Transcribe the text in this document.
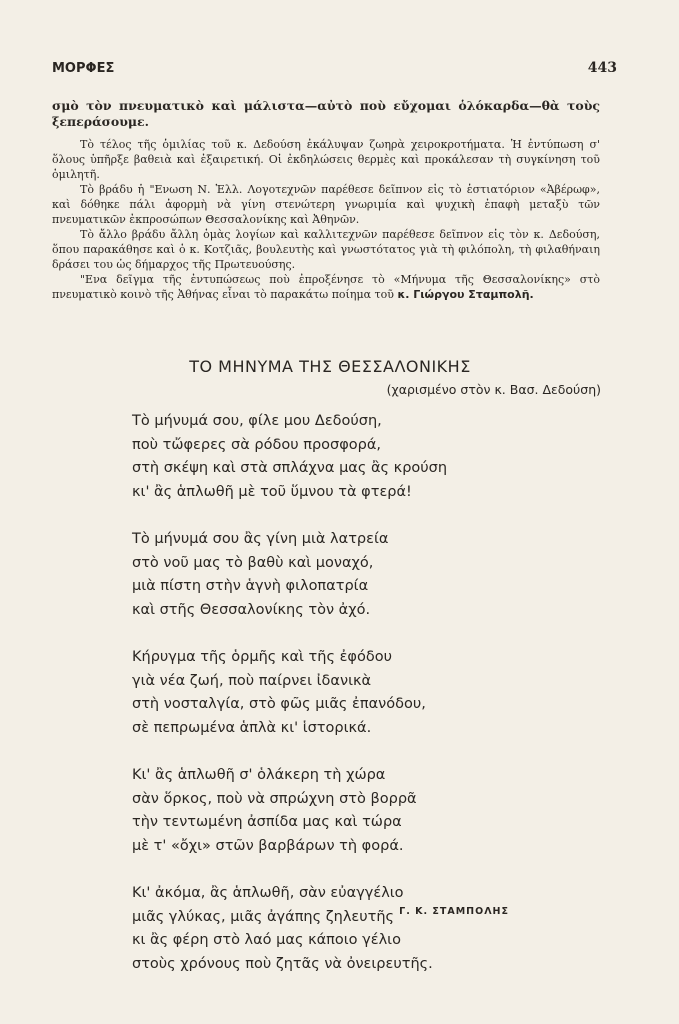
ΜΟΡΦΕΣ	443

σμὸ τὸν πνευματικὸ καὶ μάλιστα—αὐτὸ ποὺ εὔχομαι ὁλόκαρδα—θὰ τοὺς ξεπεράσουμε.

Τὸ τέλος τῆς ὁμιλίας τοῦ κ. Δεδούση ἐκάλυψαν ζωηρὰ χειροκροτήματα. Ἡ ἐντύπωση σ' ὅλους ὑπῆρξε βαθειὰ καὶ ἐξαιρετική. Οἱ ἐκδηλώσεις θερμὲς καὶ προκάλεσαν τὴ συγκίνηση τοῦ ὁμιλητῆ.

Τὸ βράδυ ἡ "Ενωση Ν. Ἑλλ. Λογοτεχνῶν παρέθεσε δεῖπνον εἰς τὸ ἑστιατόριον «Ἀβέρωφ», καὶ δόθηκε πάλι ἀφορμὴ νὰ γίνη στενώτερη γνωριμία καὶ ψυχικὴ ἐπαφὴ μεταξὺ τῶν πνευματικῶν ἐκπροσώπων Θεσσαλονίκης καὶ Ἀθηνῶν.

Τὸ ἄλλο βράδυ ἄλλη ὁμὰς λογίων καὶ καλλιτεχνῶν παρέθεσε δεῖπνον εἰς τὸν κ. Δεδούση, ὅπου παρακάθησε καὶ ὁ κ. Κοτζιᾶς, βουλευτὴς καὶ γνωστότατος γιὰ τὴ φιλόπολη, τὴ φιλαθήναιη δράσει του ὡς δήμαρχος τῆς Πρωτευούσης.

"Ενα δεῖγμα τῆς ἐντυπώσεως ποὺ ἐπροξένησε τὸ «Μήνυμα τῆς Θεσσαλονίκης» στὸ πνευματικὸ κοινὸ τῆς Ἀθήνας εἶναι τὸ παρακάτω ποίημα τοῦ κ. Γιώργου Σταμπολῆ.

ΤΟ ΜΗΝΥΜΑ ΤΗΣ ΘΕΣΣΑΛΟΝΙΚΗΣ
(χαρισμένο στὸν κ. Βασ. Δεδούση)
Τὸ μήνυμά σου, φίλε μου Δεδούση,
ποὺ τὤφερες σὰ ρόδου προσφορά,
στὴ σκέψη καὶ στὰ σπλάχνα μας ἂς κρούση
κι' ἂς ἁπλωθῆ μὲ τοῦ ὕμνου τὰ φτερά!
Τὸ μήνυμά σου ἂς γίνη μιὰ λατρεία
στὸ νοῦ μας τὸ βαθὺ καὶ μοναχό,
μιὰ πίστη στὴν ἁγνὴ φιλοπατρία
καὶ στῆς Θεσσαλονίκης τὸν ἀχό.
Κήρυγμα τῆς ὁρμῆς καὶ τῆς ἐφόδου
γιὰ νέα ζωή, ποὺ παίρνει ἰδανικὰ
στὴ νοσταλγία, στὸ φῶς μιᾶς ἐπανόδου,
σὲ πεπρωμένα ἁπλὰ κι' ἱστορικά.
Κι' ἂς ἁπλωθῆ σ' ὁλάκερη τὴ χώρα
σὰν ὅρκος, ποὺ νὰ σπρώχνη στὸ βορρᾶ
τὴν τεντωμένη ἀσπίδα μας καὶ τώρα
μὲ τ' «ὄχι» στῶν βαρβάρων τὴ φορά.
Κι' ἀκόμα, ἂς ἁπλωθῆ, σὰν εὐαγγέλιο
μιᾶς γλύκας, μιᾶς ἀγάπης ζηλευτῆς
κι ἂς φέρη στὸ λαό μας κάποιο γέλιο
στοὺς χρόνους ποὺ ζητᾶς νὰ ὀνειρευτῆς.
Γ. Κ. ΣΤΑΜΠΟΛΗΣ
